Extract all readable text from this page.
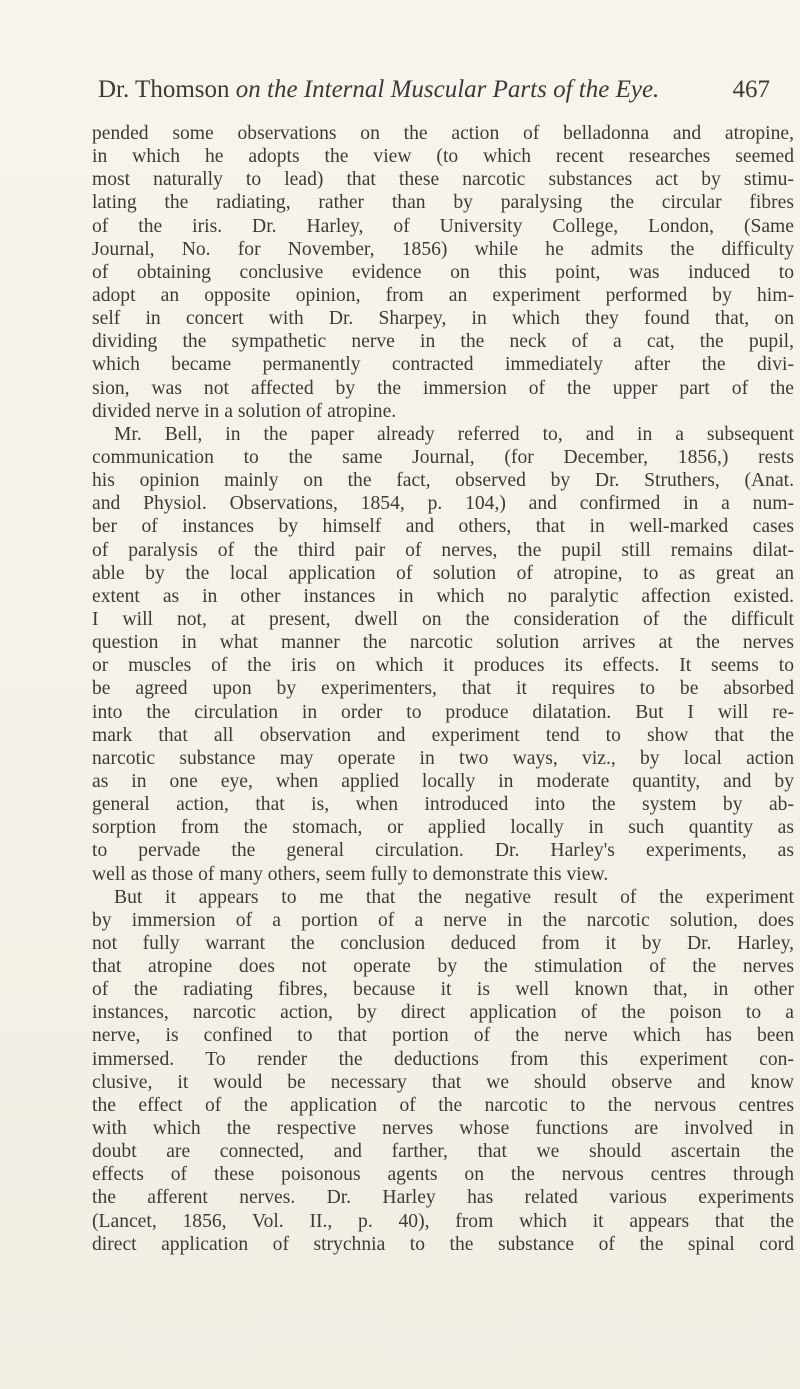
Dr. Thomson on the Internal Muscular Parts of the Eye.	467
pended some observations on the action of belladonna and atropine,
in which he adopts the view (to which recent researches seemed
most naturally to lead) that these narcotic substances act by stimu-
lating the radiating, rather than by paralysing the circular fibres
of the iris. Dr. Harley, of University College, London, (Same
Journal, No. for November, 1856) while he admits the difficulty
of obtaining conclusive evidence on this point, was induced to
adopt an opposite opinion, from an experiment performed by him-
self in concert with Dr. Sharpey, in which they found that, on
dividing the sympathetic nerve in the neck of a cat, the pupil,
which became permanently contracted immediately after the divi-
sion, was not affected by the immersion of the upper part of the
divided nerve in a solution of atropine.
Mr. Bell, in the paper already referred to, and in a subsequent
communication to the same Journal, (for December, 1856,) rests
his opinion mainly on the fact, observed by Dr. Struthers, (Anat.
and Physiol. Observations, 1854, p. 104,) and confirmed in a num-
ber of instances by himself and others, that in well-marked cases
of paralysis of the third pair of nerves, the pupil still remains dilat-
able by the local application of solution of atropine, to as great an
extent as in other instances in which no paralytic affection existed.
I will not, at present, dwell on the consideration of the difficult
question in what manner the narcotic solution arrives at the nerves
or muscles of the iris on which it produces its effects. It seems to
be agreed upon by experimenters, that it requires to be absorbed
into the circulation in order to produce dilatation. But I will re-
mark that all observation and experiment tend to show that the
narcotic substance may operate in two ways, viz., by local action
as in one eye, when applied locally in moderate quantity, and by
general action, that is, when introduced into the system by ab-
sorption from the stomach, or applied locally in such quantity as
to pervade the general circulation. Dr. Harley's experiments, as
well as those of many others, seem fully to demonstrate this view.
But it appears to me that the negative result of the experiment
by immersion of a portion of a nerve in the narcotic solution, does
not fully warrant the conclusion deduced from it by Dr. Harley,
that atropine does not operate by the stimulation of the nerves
of the radiating fibres, because it is well known that, in other
instances, narcotic action, by direct application of the poison to a
nerve, is confined to that portion of the nerve which has been
immersed. To render the deductions from this experiment con-
clusive, it would be necessary that we should observe and know
the effect of the application of the narcotic to the nervous centres
with which the respective nerves whose functions are involved in
doubt are connected, and farther, that we should ascertain the
effects of these poisonous agents on the nervous centres through
the afferent nerves. Dr. Harley has related various experiments
(Lancet, 1856, Vol. II., p. 40), from which it appears that the
direct application of strychnia to the substance of the spinal cord
